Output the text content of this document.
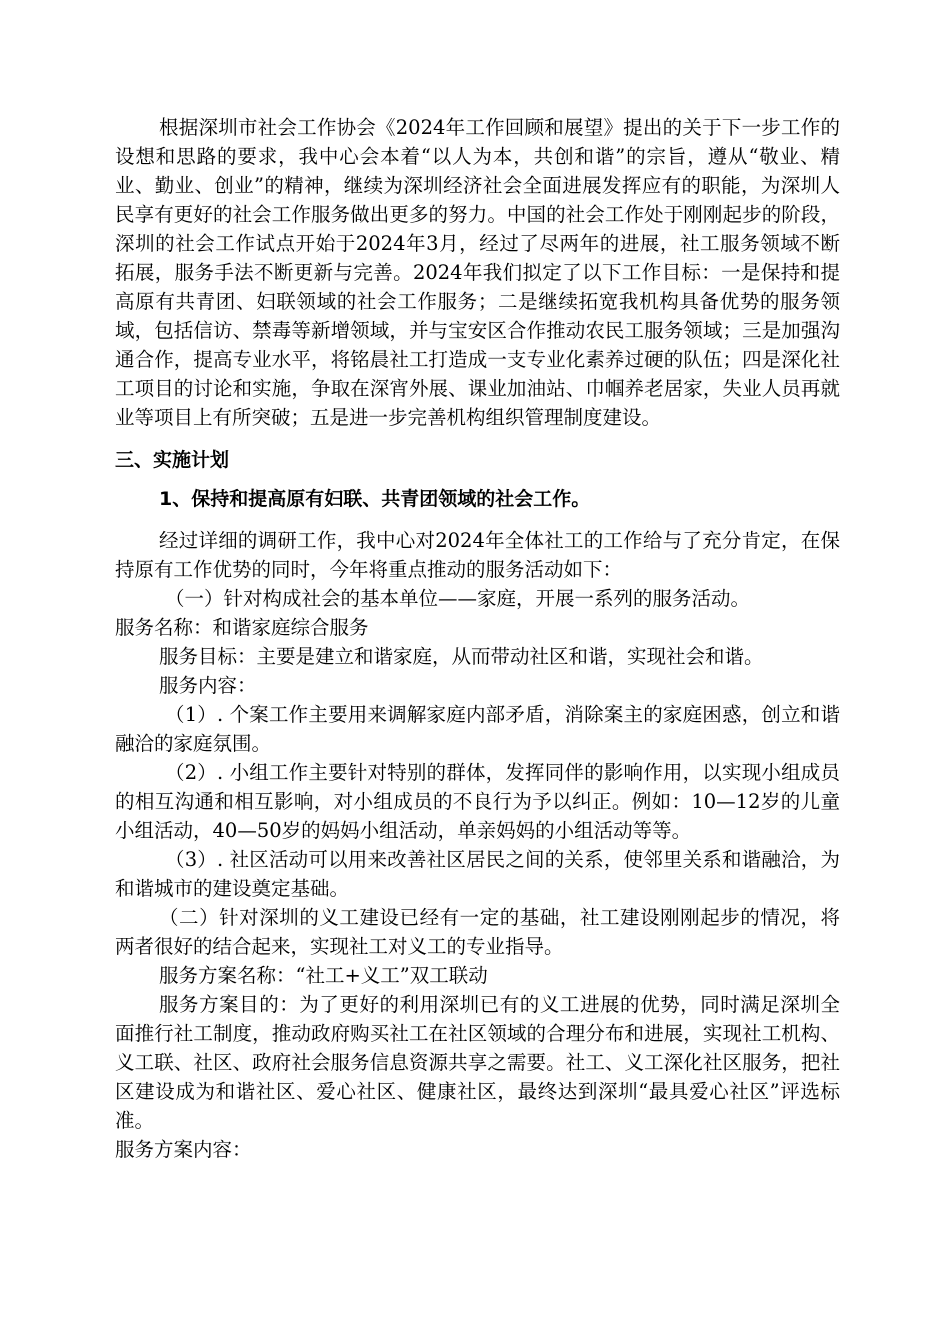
根据深圳市社会工作协会《2024年工作回顾和展望》提出的关于下一步工作的设想和思路的要求，我中心会本着“以人为本，共创和谐”的宗旨，遵从“敬业、精业、勤业、创业”的精神，继续为深圳经济社会全面进展发挥应有的职能，为深圳人民享有更好的社会工作服务做出更多的努力。中国的社会工作处于刚刚起步的阶段，深圳的社会工作试点开始于2024年3月，经过了尽两年的进展，社工服务领域不断拓展，服务手法不断更新与完善。2024年我们拟定了以下工作目标：一是保持和提高原有共青团、妇联领域的社会工作服务；二是继续拓宽我机构具备优势的服务领域，包括信访、禁毒等新增领域，并与宝安区合作推动农民工服务领域；三是加强沟通合作，提高专业水平，将铭晨社工打造成一支专业化素养过硬的队伍；四是深化社工项目的讨论和实施，争取在深宵外展、课业加油站、巾帼养老居家，失业人员再就业等项目上有所突破；五是进一步完善机构组织管理制度建设。

三、实施计划

1、保持和提高原有妇联、共青团领域的社会工作。

经过详细的调研工作，我中心对2024年全体社工的工作给与了充分肯定，在保持原有工作优势的同时，今年将重点推动的服务活动如下：

（一）针对构成社会的基本单位——家庭，开展一系列的服务活动。

服务名称：和谐家庭综合服务

服务目标：主要是建立和谐家庭，从而带动社区和谐，实现社会和谐。

服务内容：

（1）. 个案工作主要用来调解家庭内部矛盾，消除案主的家庭困惑，创立和谐融洽的家庭氛围。

（2）. 小组工作主要针对特别的群体，发挥同伴的影响作用，以实现小组成员的相互沟通和相互影响，对小组成员的不良行为予以纠正。例如：10—12岁的儿童小组活动，40—50岁的妈妈小组活动，单亲妈妈的小组活动等等。

（3）. 社区活动可以用来改善社区居民之间的关系，使邻里关系和谐融洽，为和谐城市的建设奠定基础。

（二）针对深圳的义工建设已经有一定的基础，社工建设刚刚起步的情况，将两者很好的结合起来，实现社工对义工的专业指导。

服务方案名称：“社工+义工”双工联动

服务方案目的：为了更好的利用深圳已有的义工进展的优势，同时满足深圳全面推行社工制度，推动政府购买社工在社区领域的合理分布和进展，实现社工机构、义工联、社区、政府社会服务信息资源共享之需要。社工、义工深化社区服务，把社区建设成为和谐社区、爱心社区、健康社区，最终达到深圳“最具爱心社区”评选标准。

服务方案内容：
